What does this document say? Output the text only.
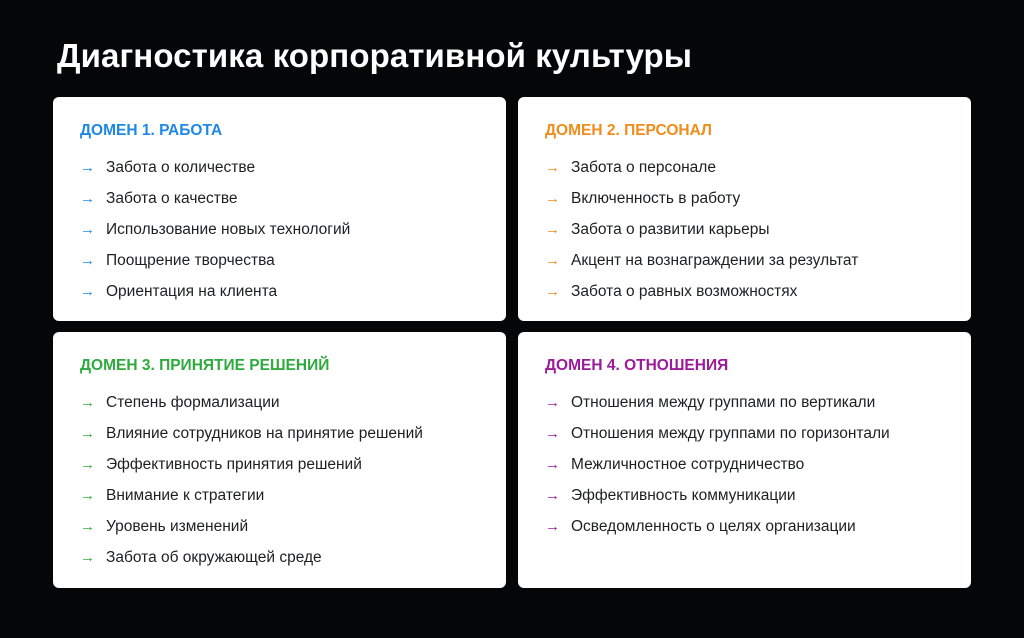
Диагностика корпоративной культуры
ДОМЕН 1. РАБОТА
→ Забота о количестве
→ Забота о качестве
→ Использование новых технологий
→ Поощрение творчества
→ Ориентация на клиента
ДОМЕН 2. ПЕРСОНАЛ
→ Забота о персонале
→ Включенность в работу
→ Забота о развитии карьеры
→ Акцент на вознаграждении за результат
→ Забота о равных возможностях
ДОМЕН 3. ПРИНЯТИЕ РЕШЕНИЙ
→ Степень формализации
→ Влияние сотрудников на принятие решений
→ Эффективность принятия решений
→ Внимание к стратегии
→ Уровень изменений
→ Забота об окружающей среде
ДОМЕН 4. ОТНОШЕНИЯ
→ Отношения между группами по вертикали
→ Отношения между группами по горизонтали
→ Межличностное сотрудничество
→ Эффективность коммуникации
→ Осведомленность о целях организации
